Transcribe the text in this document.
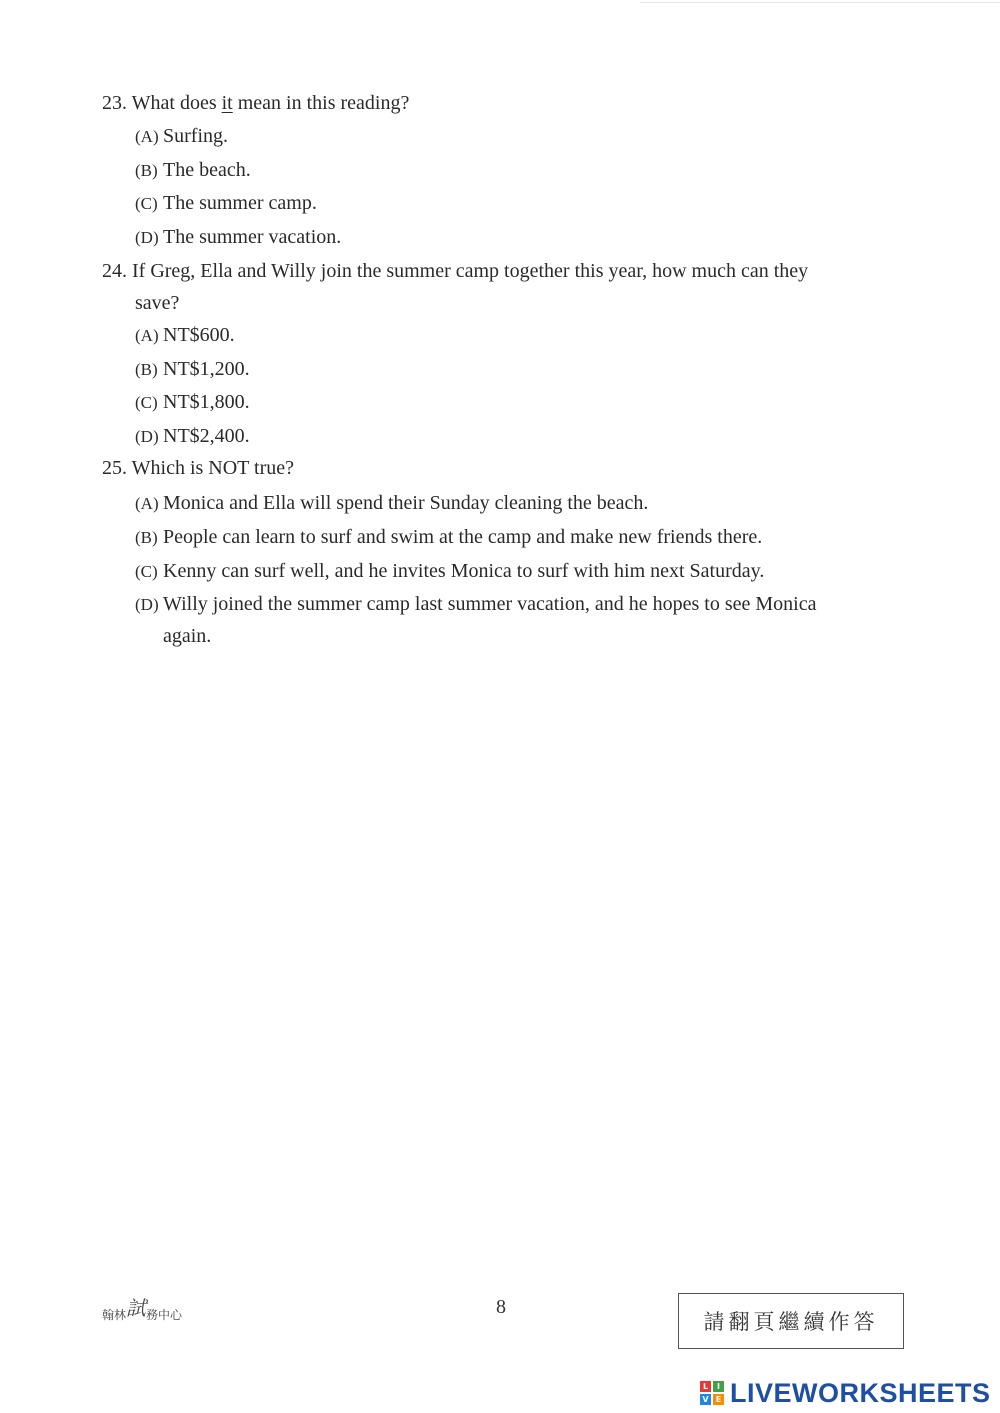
23. What does it mean in this reading?
(A) Surfing.
(B) The beach.
(C) The summer camp.
(D) The summer vacation.
24. If Greg, Ella and Willy join the summer camp together this year, how much can they
save?
(A) NT$600.
(B) NT$1,200.
(C) NT$1,800.
(D) NT$2,400.
25. Which is NOT true?
(A) Monica and Ella will spend their Sunday cleaning the beach.
(B) People can learn to surf and swim at the camp and make new friends there.
(C) Kenny can surf well, and he invites Monica to surf with him next Saturday.
(D) Willy joined the summer camp last summer vacation, and he hopes to see Monica
again.
翰林試務中心	8
請翻頁繼續作答
L	I
V E LIVEWORKSHEETS
